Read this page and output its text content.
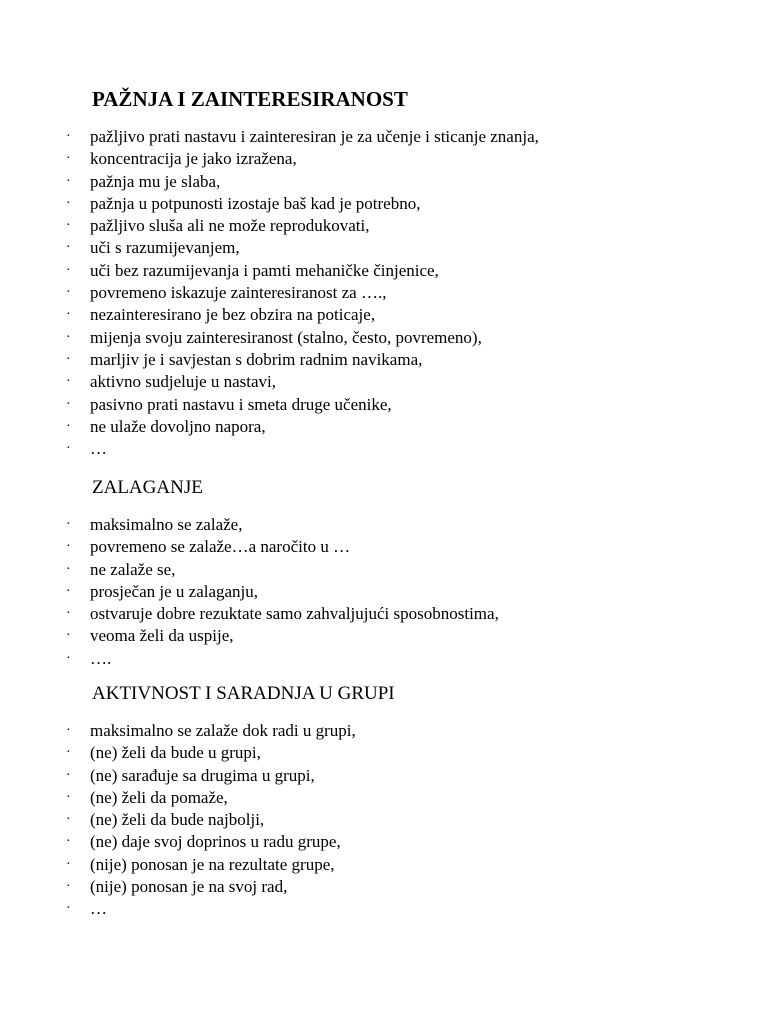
PAŽNJA I ZAINTERESIRANOST
· pažljivo prati nastavu i zainteresiran je za učenje i sticanje znanja,
· koncentracija je jako izražena,
· pažnja mu je slaba,
· pažnja u potpunosti izostaje baš kad je potrebno,
· pažljivo sluša ali ne može reprodukovati,
· uči s razumijevanjem,
· uči bez razumijevanja i pamti mehaničke činjenice,
· povremeno iskazuje zainteresiranost za ….,
· nezainteresirano je bez obzira na poticaje,
· mijenja svoju zainteresiranost (stalno, često, povremeno),
· marljiv je i savjestan s dobrim radnim navikama,
· aktivno sudjeluje u nastavi,
· pasivno prati nastavu i smeta druge učenike,
· ne ulaže dovoljno napora,
· …
ZALAGANJE
· maksimalno se zalaže,
· povremeno se zalaže…a naročito u …
· ne zalaže se,
· prosječan je u zalaganju,
· ostvaruje dobre rezuktate samo zahvaljujući sposobnostima,
· veoma želi da uspije,
· ….
AKTIVNOST I SARADNJA U GRUPI
· maksimalno se zalaže dok radi u grupi,
· (ne) želi da bude u grupi,
· (ne) sarađuje sa drugima u grupi,
· (ne) želi da pomaže,
· (ne) želi da bude najbolji,
· (ne) daje svoj doprinos u radu grupe,
· (nije) ponosan je na rezultate grupe,
· (nije) ponosan je na svoj rad,
· …
